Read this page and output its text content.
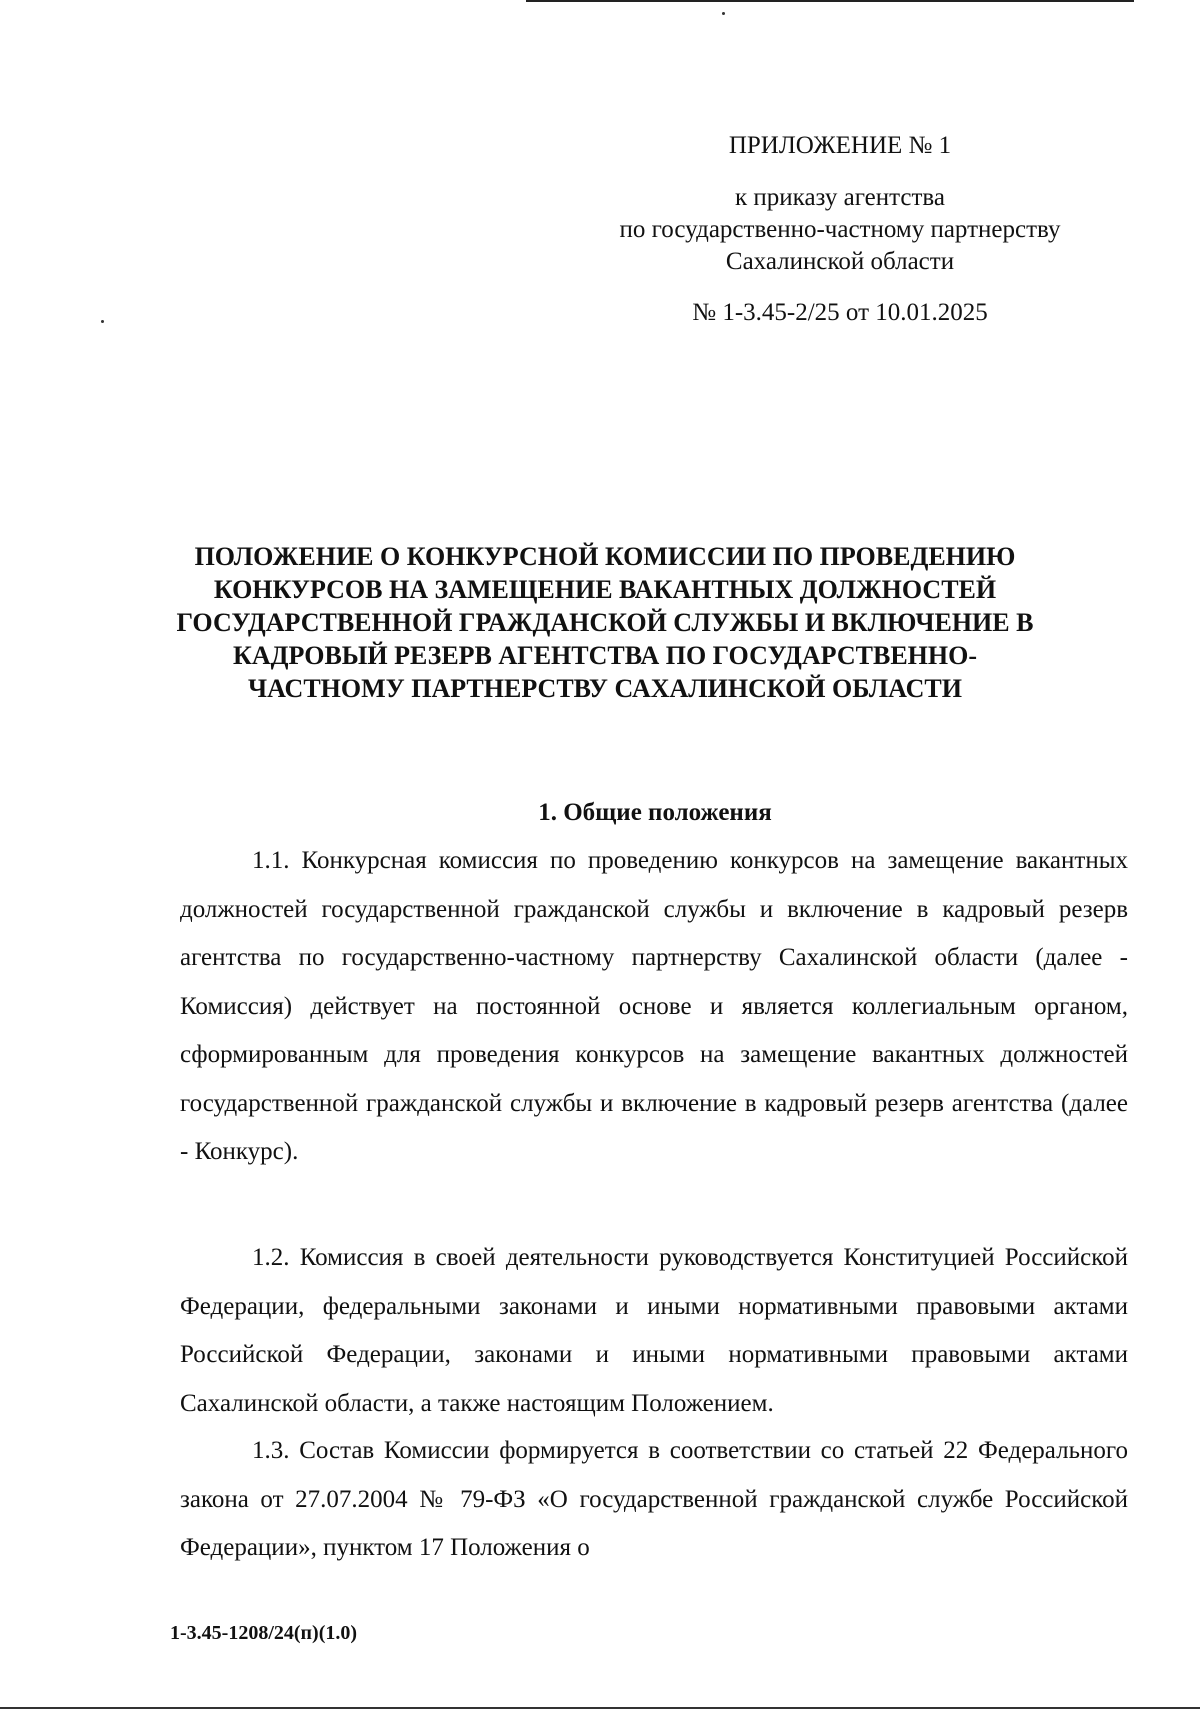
ПРИЛОЖЕНИЕ № 1
к приказу агентства
по государственно-частному партнерству
Сахалинской области
№ 1-3.45-2/25 от 10.01.2025
ПОЛОЖЕНИЕ О КОНКУРСНОЙ КОМИССИИ ПО ПРОВЕДЕНИЮ
КОНКУРСОВ НА ЗАМЕЩЕНИЕ ВАКАНТНЫХ ДОЛЖНОСТЕЙ
ГОСУДАРСТВЕННОЙ ГРАЖДАНСКОЙ СЛУЖБЫ И ВКЛЮЧЕНИЕ В
КАДРОВЫЙ РЕЗЕРВ АГЕНТСТВА ПО ГОСУДАРСТВЕННО-
ЧАСТНОМУ ПАРТНЕРСТВУ САХАЛИНСКОЙ ОБЛАСТИ
1. Общие положения

1.1. Конкурсная комиссия по проведению конкурсов на замещение вакантных должностей государственной гражданской службы и включение в кадровый резерв агентства по государственно-частному партнерству Сахалинской области (далее - Комиссия) действует на постоянной основе и является коллегиальным органом, сформированным для проведения конкурсов на замещение вакантных должностей государственной гражданской службы и включение в кадровый резерв агентства (далее - Конкурс).

1.2. Комиссия в своей деятельности руководствуется Конституцией Российской Федерации, федеральными законами и иными нормативными правовыми актами Российской Федерации, законами и иными нормативными правовыми актами Сахалинской области, а также настоящим Положением.

1.3. Состав Комиссии формируется в соответствии со статьей 22 Федерального закона от 27.07.2004 № 79-ФЗ «О государственной гражданской службе Российской Федерации», пунктом 17 Положения о

1-3.45-1208/24(п)(1.0)
